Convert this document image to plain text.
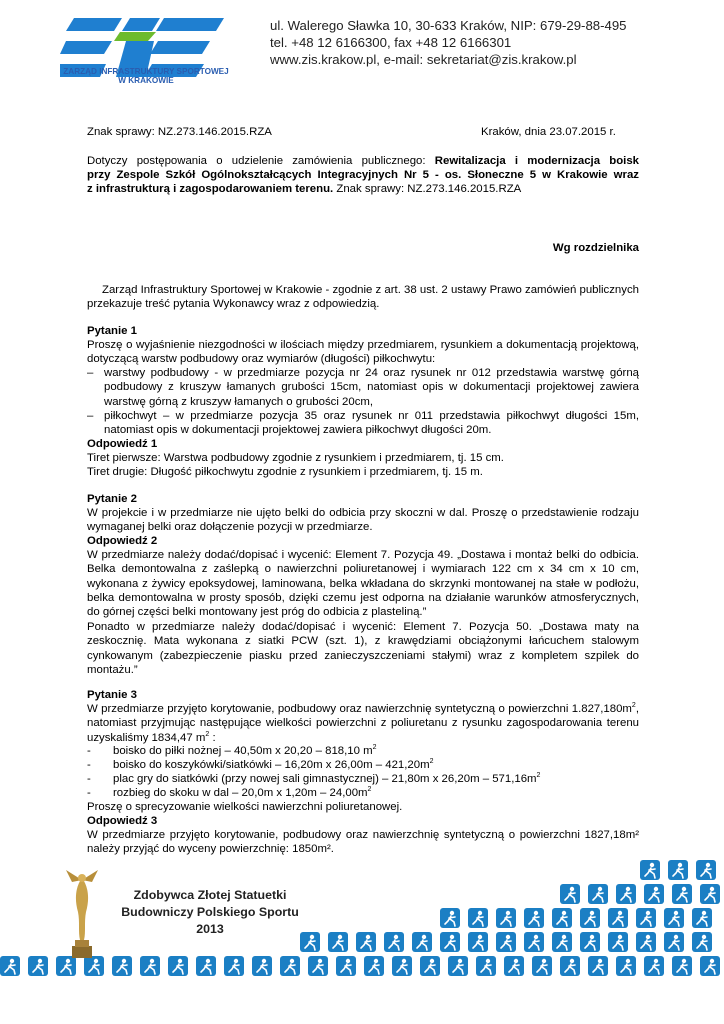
ZARZĄD INFRASTRUKTURY SPORTOWEJ
W KRAKOWIE
ul. Walerego Sławka 10, 30-633 Kraków, NIP: 679-29-88-495
tel. +48 12 6166300, fax +48 12 6166301
www.zis.krakow.pl, e-mail: sekretariat@zis.krakow.pl
Znak sprawy: NZ.273.146.2015.RZA	Kraków, dnia 23.07.2015 r.
Dotyczy postępowania o udzielenie zamówienia publicznego: Rewitalizacja i modernizacja boisk
przy Zespole Szkół Ogólnokształcących Integracyjnych Nr 5 - os. Słoneczne 5 w Krakowie wraz
z infrastrukturą i zagospodarowaniem terenu. Znak sprawy: NZ.273.146.2015.RZA
Wg rozdzielnika
Zarząd Infrastruktury Sportowej w Krakowie - zgodnie z art. 38 ust. 2 ustawy Prawo zamówień publicznych przekazuje treść pytania Wykonawcy wraz z odpowiedzią.
Pytanie 1
Proszę o wyjaśnienie niezgodności w ilościach między przedmiarem, rysunkiem a dokumentacją projektową, dotyczącą warstw podbudowy oraz wymiarów (długości) piłkochwytu:
– warstwy podbudowy - w przedmiarze pozycja nr 24 oraz rysunek nr 012 przedstawia warstwę górną podbudowy z kruszyw łamanych grubości 15cm, natomiast opis w dokumentacji projektowej zawiera warstwę górną z kruszyw łamanych o grubości 20cm,
– piłkochwyt – w przedmiarze pozycja 35 oraz rysunek nr 011 przedstawia piłkochwyt długości 15m, natomiast opis w dokumentacji projektowej zawiera piłkochwyt długości 20m.
Odpowiedź 1
Tiret pierwsze: Warstwa podbudowy zgodnie z rysunkiem i przedmiarem, tj. 15 cm.
Tiret drugie: Długość piłkochwytu zgodnie z rysunkiem i przedmiarem, tj. 15 m.
Pytanie 2
W projekcie i w przedmiarze nie ujęto belki do odbicia przy skoczni w dal. Proszę o przedstawienie rodzaju wymaganej belki oraz dołączenie pozycji w przedmiarze.
Odpowiedź 2
W przedmiarze należy dodać/dopisać i wycenić: Element 7. Pozycja 49. „Dostawa i montaż belki do odbicia. Belka demontowalna z zaślepką o nawierzchni poliuretanowej i wymiarach 122 cm x 34 cm x 10 cm, wykonana z żywicy epoksydowej, laminowana, belka wkładana do skrzynki montowanej na stałe w podłożu, belka demontowalna w prosty sposób, dzięki czemu jest odporna na działanie warunków atmosferycznych, do górnej części belki montowany jest próg do odbicia z plasteliną.”
Ponadto w przedmiarze należy dodać/dopisać i wycenić: Element 7. Pozycja 50. „Dostawa maty na zeskocznię. Mata wykonana z siatki PCW (szt. 1), z krawędziami obciążonymi łańcuchem stalowym cynkowanym (zabezpieczenie piasku przed zanieczyszczeniami stałymi) wraz z kompletem szpilek do montażu.”
Pytanie 3
W przedmiarze przyjęto korytowanie, podbudowy oraz nawierzchnię syntetyczną o powierzchni $1.827,180m^2$, natomiast przyjmując następujące wielkości powierzchni z poliuretanu z rysunku zagospodarowania terenu uzyskaliśmy 1834,47 $m^2$ :
- boisko do piłki nożnej – 40,50m x 20,20 – 818,10 $m^2$
- boisko do koszykówki/siatkówki – 16,20m x $26,00m - 421,20m^2$
- plac gry do siatkówki (przy nowej sali gimnastycznej) – 21,80m x $26,20m - 571,16m^2$
- rozbieg do skoku w dal – 20,0m x $1,20m - 24,00m^2$
Proszę o sprecyzowanie wielkości nawierzchni poliuretanowej.
Odpowiedź 3
W przedmiarze przyjęto korytowanie, podbudowy oraz nawierzchnię syntetyczną o powierzchni 1827,18m² należy przyjąć do wyceny powierzchnię: 1850m².
Zdobywca Złotej Statuetki
Budowniczy Polskiego Sportu
2013
